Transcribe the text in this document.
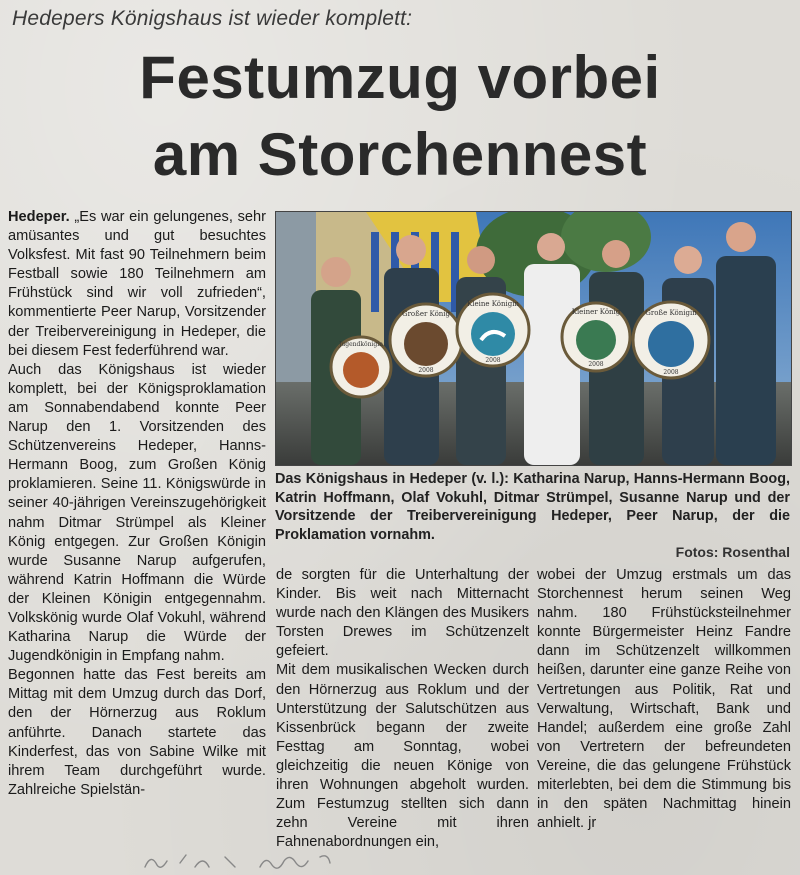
Hedepers Königshaus ist wieder komplett:
Festumzug vorbei
am Storchennest

Hedeper. „Es war ein gelungenes, sehr amüsantes und gut besuchtes Volksfest. Mit fast 90 Teilnehmern beim Festball sowie 180 Teilnehmern am Frühstück sind wir voll zufrieden“, kommentierte Peer Narup, Vorsitzender der Treibervereinigung in Hedeper, die bei diesem Fest federführend war.

Auch das Königshaus ist wieder komplett, bei der Königsproklamation am Sonnabendabend konnte Peer Narup den 1. Vorsitzenden des Schützenvereins Hedeper, Hanns-Hermann Boog, zum Großen König proklamieren. Seine 11. Königswürde in seiner 40-jährigen Vereinszugehörigkeit nahm Ditmar Strümpel als Kleiner König entgegen. Zur Großen Königin wurde Susanne Narup aufgerufen, während Katrin Hoffmann die Würde der Kleinen Königin entgegennahm. Volkskönig wurde Olaf Vokuhl, während Katharina Narup die Würde der Jugendkönigin in Empfang nahm.

Begonnen hatte das Fest bereits am Mittag mit dem Umzug durch das Dorf, den der Hörnerzug aus Roklum anführte. Danach startete das Kinderfest, das von Sabine Wilke mit ihrem Team durchgeführt wurde. Zahlreiche Spielstän-

Jugendkönigin
Großer König
2008
Kleine Königin
2008
Kleiner König
2008
Große Königin
2008
Das Königshaus in Hedeper (v. l.): Katharina Narup, Hanns-Hermann Boog, Katrin Hoffmann, Olaf Vokuhl, Ditmar Strümpel, Susanne Narup und der Vorsitzende der Treibervereinigung Hedeper, Peer Narup, der die Proklamation vornahm.
Fotos: Rosenthal

de sorgten für die Unterhaltung der Kinder. Bis weit nach Mitternacht wurde nach den Klängen des Musikers Torsten Drewes im Schützenzelt gefeiert.

Mit dem musikalischen Wecken durch den Hörnerzug aus Roklum und der Unterstützung der Salutschützen aus Kissenbrück begann der zweite Festtag am Sonntag, wobei gleichzeitig die neuen Könige von ihren Wohnungen abgeholt wurden. Zum Festumzug stellten sich dann zehn Vereine mit ihren Fahnenabordnungen ein,

wobei der Umzug erstmals um das Storchennest herum seinen Weg nahm. 180 Frühstücksteilnehmer konnte Bürgermeister Heinz Fandre dann im Schützenzelt willkommen heißen, darunter eine ganze Reihe von Vertretungen aus Politik, Rat und Verwaltung, Wirtschaft, Bank und Handel; außerdem eine große Zahl von Vertretern der befreundeten Vereine, die das gelungene Frühstück miterlebten, bei dem die Stimmung bis in den späten Nachmittag hinein anhielt. jr
